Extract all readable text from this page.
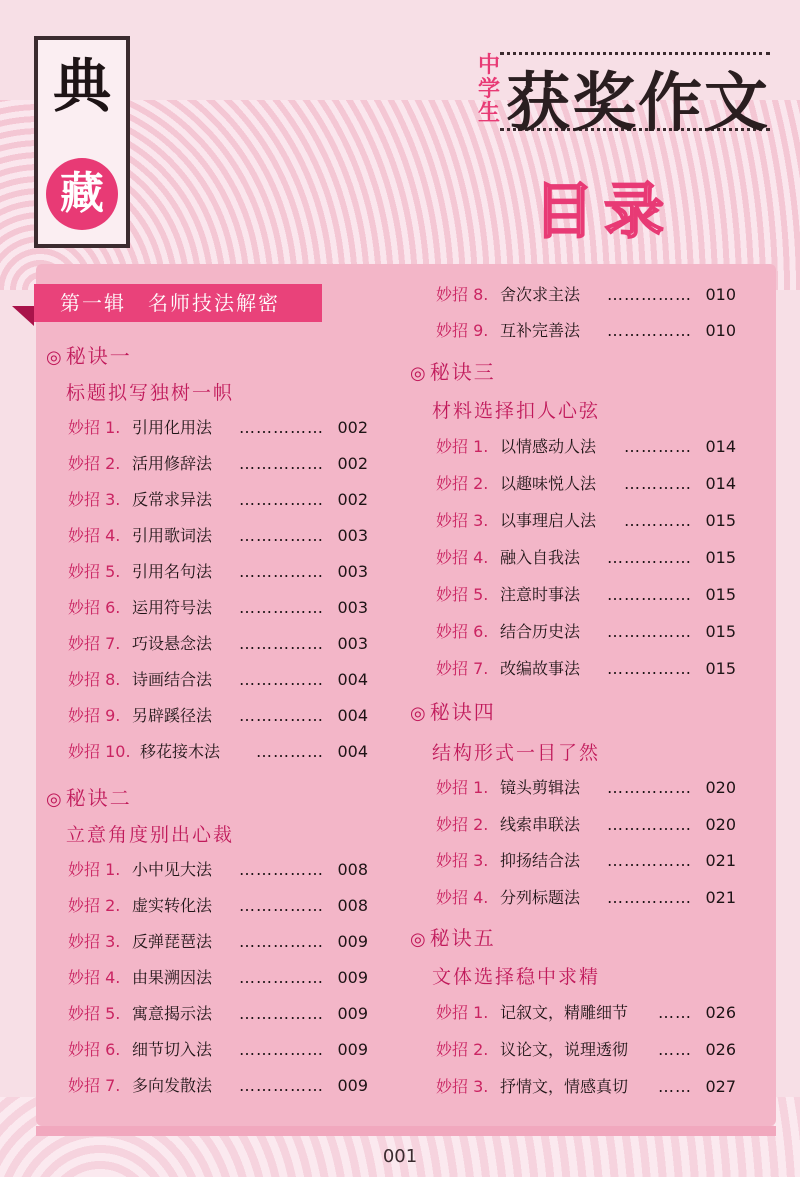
典
藏
中学生 获奖作文
目录
第一辑　名师技法解密
◎ 秘诀一
标题拟写独树一帜
◎ 秘诀二
立意角度别出心裁
◎ 秘诀三
材料选择扣人心弦
◎ 秘诀四
结构形式一目了然
◎ 秘诀五
文体选择稳中求精
妙招 1. 引用化用法 …………… 002
妙招 2. 活用修辞法 …………… 002
妙招 3. 反常求异法 …………… 002
妙招 4. 引用歌词法 …………… 003
妙招 5. 引用名句法 …………… 003
妙招 6. 运用符号法 …………… 003
妙招 7. 巧设悬念法 …………… 003
妙招 8. 诗画结合法 …………… 004
妙招 9. 另辟蹊径法 …………… 004
妙招 10. 移花接木法 ………… 004
妙招 1. 小中见大法 …………… 008
妙招 2. 虚实转化法 …………… 008
妙招 3. 反弹琵琶法 …………… 009
妙招 4. 由果溯因法 …………… 009
妙招 5. 寓意揭示法 …………… 009
妙招 6. 细节切入法 …………… 009
妙招 7. 多向发散法 …………… 009
妙招 8. 舍次求主法 …………… 010
妙招 9. 互补完善法 …………… 010
妙招 1. 以情感动人法 ………… 014
妙招 2. 以趣味悦人法 ………… 014
妙招 3. 以事理启人法 ………… 015
妙招 4. 融入自我法 …………… 015
妙招 5. 注意时事法 …………… 015
妙招 6. 结合历史法 …………… 015
妙招 7. 改编故事法 …………… 015
妙招 1. 镜头剪辑法 …………… 020
妙招 2. 线索串联法 …………… 020
妙招 3. 抑扬结合法 …………… 021
妙招 4. 分列标题法 …………… 021
妙招 1. 记叙文，精雕细节 …… 026
妙招 2. 议论文，说理透彻 …… 026
妙招 3. 抒情文，情感真切 …… 027
001
